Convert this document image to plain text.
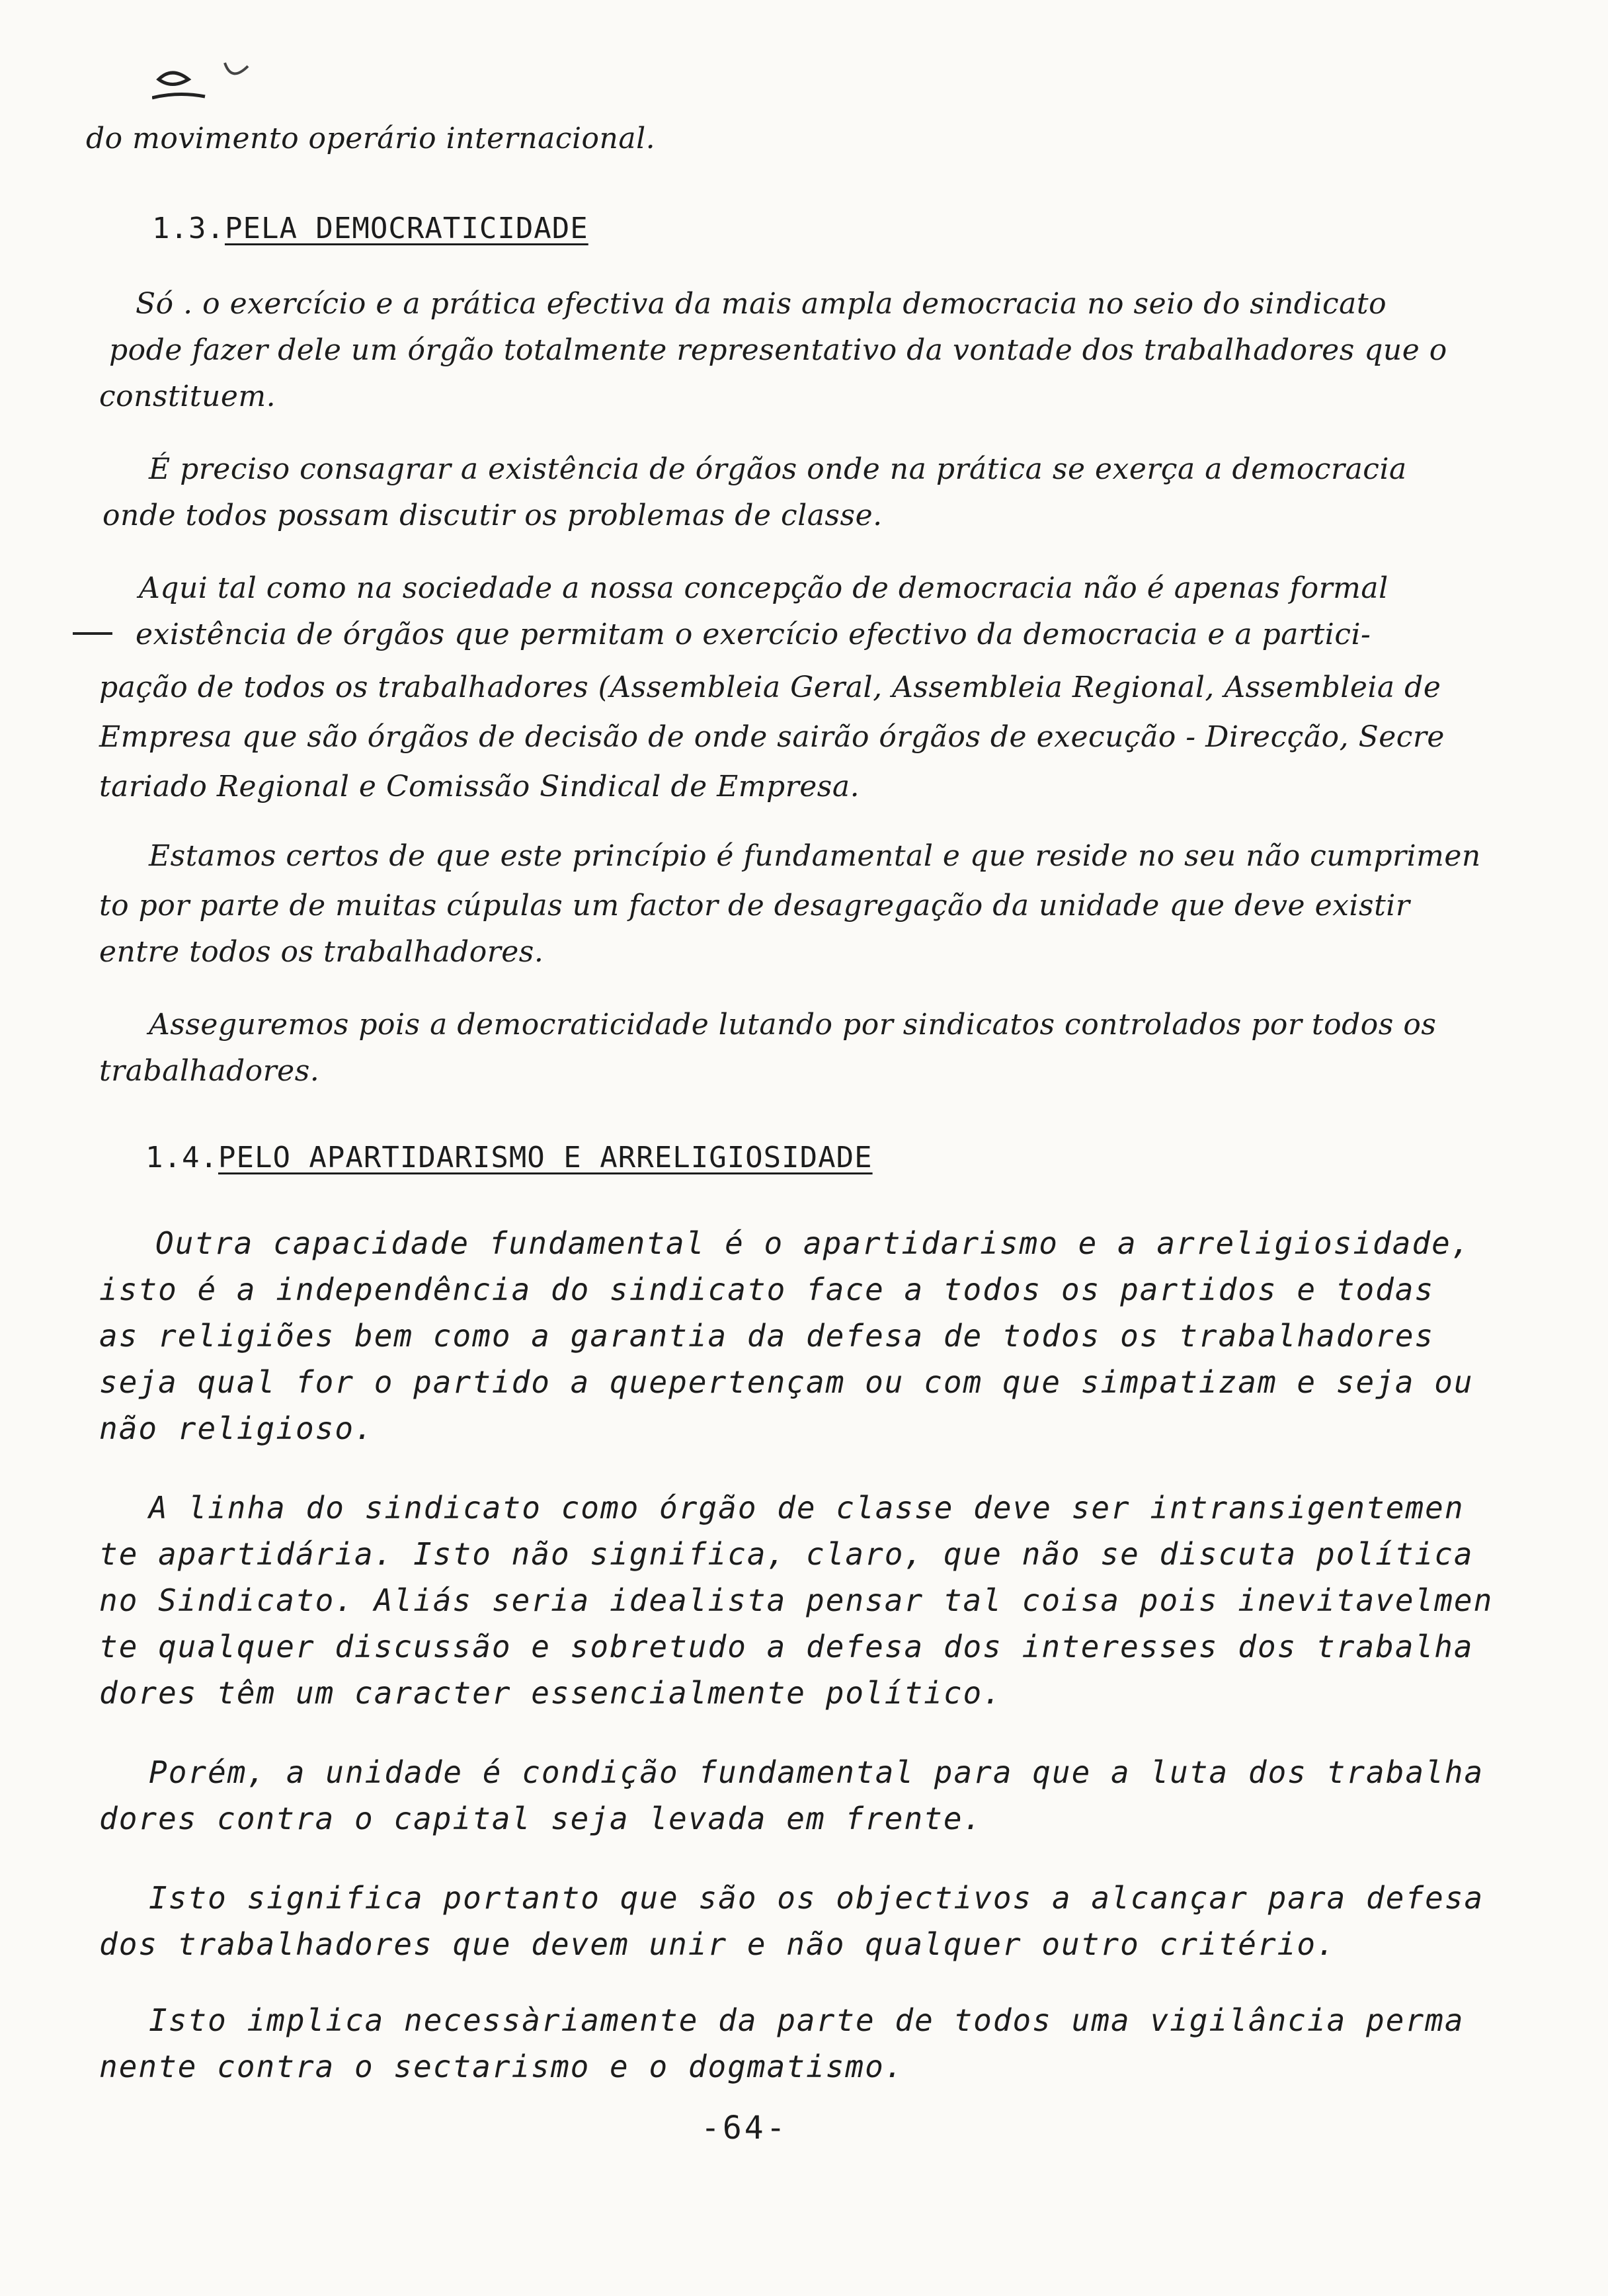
do movimento operário internacional.
1.3.PELA DEMOCRATICIDADE
Só . o exercício e a prática efectiva da mais ampla democracia no seio do sindicato
pode fazer dele um órgão totalmente representativo da vontade dos trabalhadores que o
constituem.
É preciso consagrar a existência de órgãos onde na prática se exerça a democracia
onde todos possam discutir os problemas de classe.
Aqui tal como na sociedade a nossa concepção de democracia não é apenas formal
existência de órgãos que permitam o exercício efectivo da democracia e a partici-
pação de todos os trabalhadores (Assembleia Geral, Assembleia Regional, Assembleia de
Empresa que são órgãos de decisão de onde sairão órgãos de execução - Direcção, Secre
tariado Regional e Comissão Sindical de Empresa.
Estamos certos de que este princípio é fundamental e que reside no seu não cumprimen
to por parte de muitas cúpulas um factor de desagregação da unidade que deve existir
entre todos os trabalhadores.
Asseguremos pois a democraticidade lutando por sindicatos controlados por todos os
trabalhadores.
1.4.PELO APARTIDARISMO E ARRELIGIOSIDADE
Outra capacidade fundamental é o apartidarismo e a arreligiosidade,
isto é a independência do sindicato face a todos os partidos e todas
as religiões bem como a garantia da defesa de todos os trabalhadores
seja qual for o partido a quepertençam ou com que simpatizam e seja ou
não religioso.
A linha do sindicato como órgão de classe deve ser intransigentemen
te apartidária. Isto não significa, claro, que não se discuta política
no Sindicato. Aliás seria idealista pensar tal coisa pois inevitavelmen
te qualquer discussão e sobretudo a defesa dos interesses dos trabalha
dores têm um caracter essencialmente político.
Porém, a unidade é condição fundamental para que a luta dos trabalha
dores contra o capital seja levada em frente.
Isto significa portanto que são os objectivos a alcançar para defesa
dos trabalhadores que devem unir e não qualquer outro critério.
Isto implica necessàriamente da parte de todos uma vigilância perma
nente contra o sectarismo e o dogmatismo.
-64-
